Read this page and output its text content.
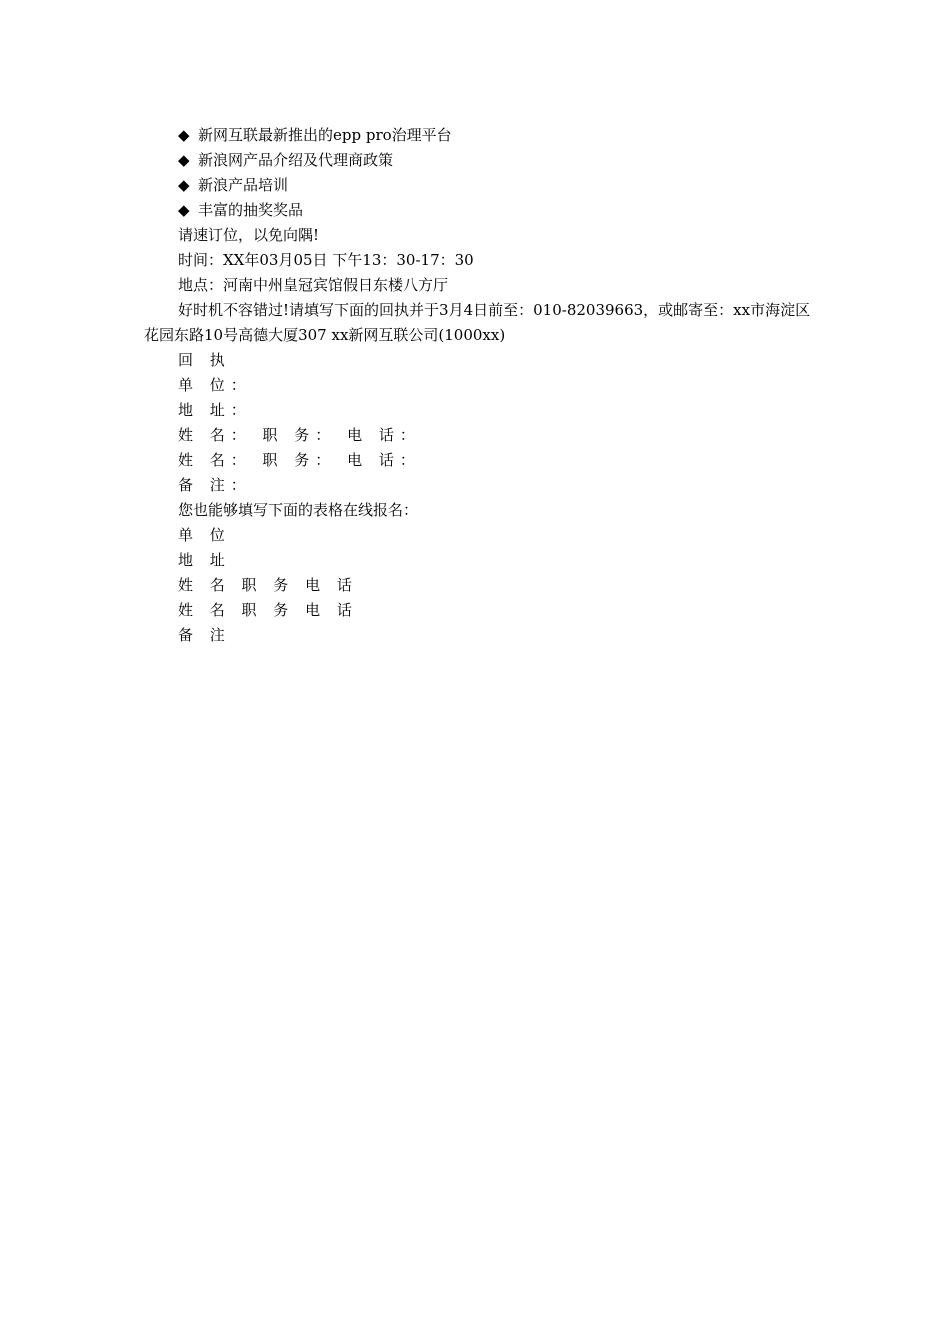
◆ 新网互联最新推出的epp pro治理平台
◆ 新浪网产品介绍及代理商政策
◆ 新浪产品培训
◆ 丰富的抽奖奖品
请速订位，以免向隅!
时间：XX年03月05日 下午13：30-17：30
地点：河南中州皇冠宾馆假日东楼八方厅
好时机不容错过!请填写下面的回执并于3月4日前至：010-82039663，或邮寄至：xx市海淀区花园东路10号高德大厦307 xx新网互联公司(1000xx)
回 执
单 位：
地 址：
姓 名： 职 务： 电 话：
姓 名： 职 务： 电 话：
备 注：
您也能够填写下面的表格在线报名：
单 位
地 址
姓 名 职 务 电 话
姓 名 职 务 电 话
备 注
